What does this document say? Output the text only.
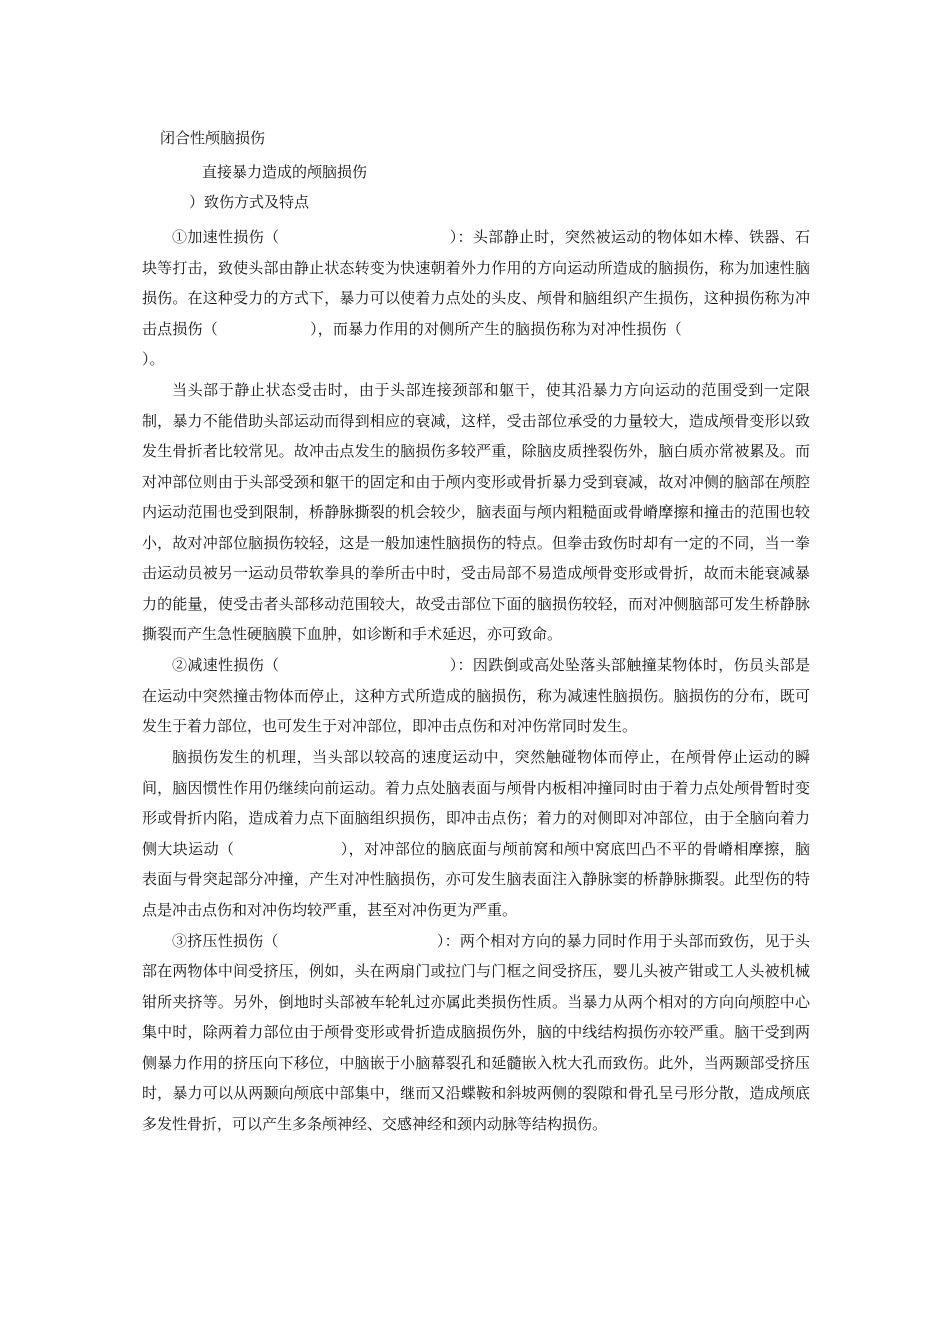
闭合性颅脑损伤
直接暴力造成的颅脑损伤
）致伤方式及特点

①加速性损伤（	）：头部静止时，突然被运动的物体如木棒、铁器、石块等打击，致使头部由静止状态转变为快速朝着外力作用的方向运动所造成的脑损伤，称为加速性脑损伤。在这种受力的方式下，暴力可以使着力点处的头皮、颅骨和脑组织产生损伤，这种损伤称为冲击点损伤（	），而暴力作用的对侧所产生的脑损伤称为对冲性损伤（）。

当头部于静止状态受击时，由于头部连接颈部和躯干，使其沿暴力方向运动的范围受到一定限制，暴力不能借助头部运动而得到相应的衰减，这样，受击部位承受的力量较大，造成颅骨变形以致发生骨折者比较常见。故冲击点发生的脑损伤多较严重，除脑皮质挫裂伤外，脑白质亦常被累及。而对冲部位则由于头部受颈和躯干的固定和由于颅内变形或骨折暴力受到衰减，故对冲侧的脑部在颅腔内运动范围也受到限制，桥静脉撕裂的机会较少，脑表面与颅内粗糙面或骨嵴摩擦和撞击的范围也较小，故对冲部位脑损伤较轻，这是一般加速性脑损伤的特点。但拳击致伤时却有一定的不同，当一拳击运动员被另一运动员带软拳具的拳所击中时，受击局部不易造成颅骨变形或骨折，故而未能衰减暴力的能量，使受击者头部移动范围较大，故受击部位下面的脑损伤较轻，而对冲侧脑部可发生桥静脉撕裂而产生急性硬脑膜下血肿，如诊断和手术延迟，亦可致命。

②减速性损伤（	）：因跌倒或高处坠落头部触撞某物体时，伤员头部是在运动中突然撞击物体而停止，这种方式所造成的脑损伤，称为减速性脑损伤。脑损伤的分布，既可发生于着力部位，也可发生于对冲部位，即冲击点伤和对冲伤常同时发生。

脑损伤发生的机理，当头部以较高的速度运动中，突然触碰物体而停止，在颅骨停止运动的瞬间，脑因惯性作用仍继续向前运动。着力点处脑表面与颅骨内板相冲撞同时由于着力点处颅骨暂时变形或骨折内陷，造成着力点下面脑组织损伤，即冲击点伤；着力的对侧即对冲部位，由于全脑向着力侧大块运动（	），对冲部位的脑底面与颅前窝和颅中窝底凹凸不平的骨嵴相摩擦，脑表面与骨突起部分冲撞，产生对冲性脑损伤，亦可发生脑表面注入静脉窦的桥静脉撕裂。此型伤的特点是冲击点伤和对冲伤均较严重，甚至对冲伤更为严重。

③挤压性损伤（	）：两个相对方向的暴力同时作用于头部而致伤，见于头部在两物体中间受挤压，例如，头在两扇门或拉门与门框之间受挤压，婴儿头被产钳或工人头被机械钳所夹挤等。另外，倒地时头部被车轮轧过亦属此类损伤性质。当暴力从两个相对的方向向颅腔中心集中时，除两着力部位由于颅骨变形或骨折造成脑损伤外，脑的中线结构损伤亦较严重。脑干受到两侧暴力作用的挤压向下移位，中脑嵌于小脑幕裂孔和延髓嵌入枕大孔而致伤。此外，当两颞部受挤压时，暴力可以从两颞向颅底中部集中，继而又沿蝶鞍和斜坡两侧的裂隙和骨孔呈弓形分散，造成颅底多发性骨折，可以产生多条颅神经、交感神经和颈内动脉等结构损伤。
